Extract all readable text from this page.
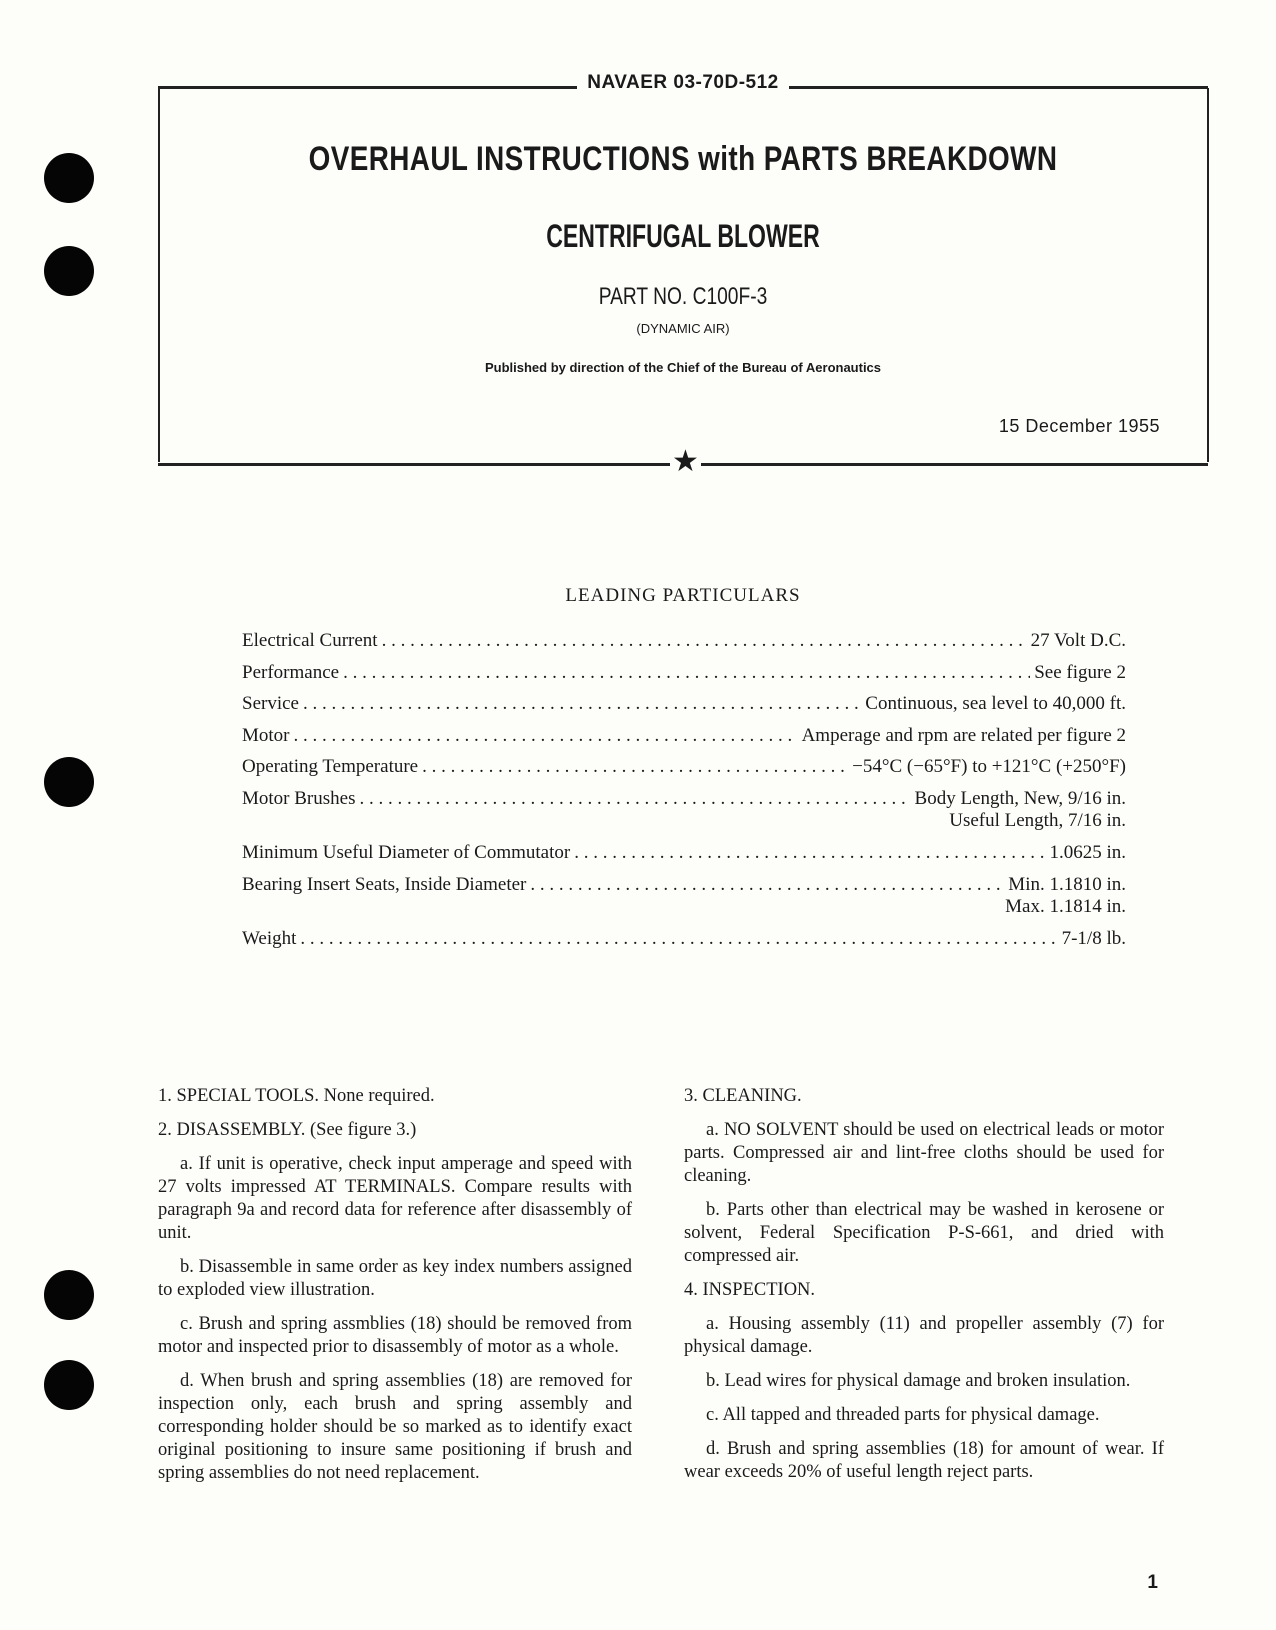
NAVAER 03-70D-512
★
OVERHAUL INSTRUCTIONS with PARTS BREAKDOWN
CENTRIFUGAL BLOWER
PART NO. C100F-3
(DYNAMIC AIR)
Published by direction of the Chief of the Bureau of Aeronautics
15 December 1955
LEADING PARTICULARS
Electrical Current . . .	27 Volt D.C.
Performance . . .	See figure 2
Service . . .	Continuous, sea level to 40,000 ft.
Motor . . .	Amperage and rpm are related per figure 2
Operating Temperature . . .	−54°C (−65°F) to +121°C (+250°F)
Motor Brushes . . .	Body Length, New, 9/16 in.
Useful Length, 7/16 in.
Minimum Useful Diameter of Commutator . . .	1.0625 in.
Bearing Insert Seats, Inside Diameter . . .	Min. 1.1810 in.
Max. 1.1814 in.
Weight . . .	7-1/8 lb.
1. SPECIAL TOOLS. None required.
2. DISASSEMBLY. (See figure 3.)

a. If unit is operative, check input amperage and speed with 27 volts impressed AT TERMINALS. Compare results with paragraph 9a and record data for reference after disassembly of unit.

b. Disassemble in same order as key index numbers assigned to exploded view illustration.

c. Brush and spring assmblies (18) should be removed from motor and inspected prior to disassembly of motor as a whole.

d. When brush and spring assemblies (18) are removed for inspection only, each brush and spring assembly and corresponding holder should be so marked as to identify exact original positioning to insure same positioning if brush and spring assemblies do not need replacement.

3. CLEANING.

a. NO SOLVENT should be used on electrical leads or motor parts. Compressed air and lint-free cloths should be used for cleaning.

b. Parts other than electrical may be washed in kerosene or solvent, Federal Specification P-S-661, and dried with compressed air.

4. INSPECTION.

a. Housing assembly (11) and propeller assembly (7) for physical damage.

b. Lead wires for physical damage and broken insulation.

c. All tapped and threaded parts for physical damage.

d. Brush and spring assemblies (18) for amount of wear. If wear exceeds 20% of useful length reject parts.

1
